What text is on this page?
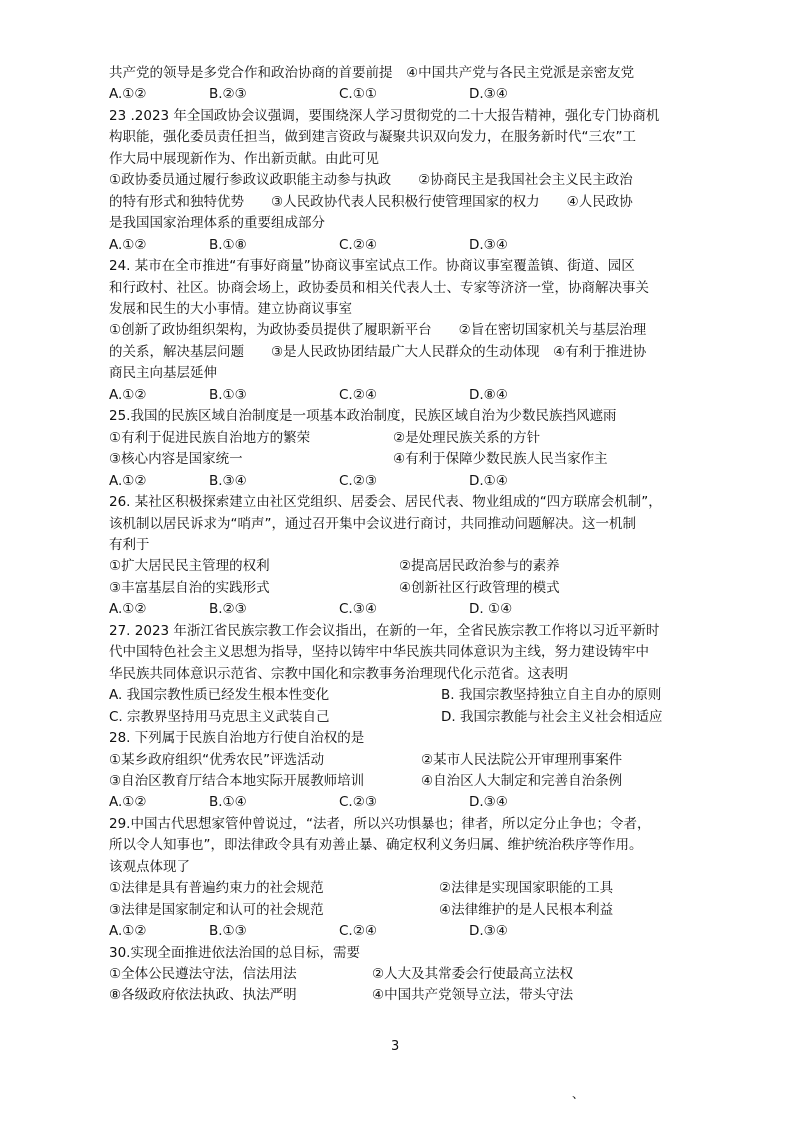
共产党的领导是多党合作和政治协商的首要前提　④中国共产党与各民主党派是亲密友党
A.①②	B.②③	C.①①	D.③④
23 .2023 年全国政协会议强调，要围绕深人学习贯彻党的二十大报告精神，强化专门协商机
构职能，强化委员责任担当，做到建言资政与凝聚共识双向发力，在服务新时代“三农”工
作大局中展现新作为、作出新贡献。由此可见
①政协委员通过履行参政议政职能主动参与执政　　②协商民主是我国社会主义民主政治
的特有形式和独特优势　　③人民政协代表人民积极行使管理国家的权力　　④人民政协
是我国国家治理体系的重要组成部分
A.①②	B.①⑧	C.②④	D.③④
24. 某市在全市推进“有事好商量”协商议事室试点工作。协商议事室覆盖镇、街道、园区
和行政村、社区。协商会场上，政协委员和相关代表人士、专家等济济一堂，协商解决事关
发展和民生的大小事情。建立协商议事室
①创新了政协组织架构，为政协委员提供了履职新平台　　②旨在密切国家机关与基层治理
的关系，解决基层问题　　③是人民政协团结最广大人民群众的生动体现　④有利于推进协
商民主向基层延伸
A.①②	B.①③	C.②④	D.⑧④
25.我国的民族区域自治制度是一项基本政治制度，民族区域自治为少数民族挡风遮雨
①有利于促进民族自治地方的繁荣	②是处理民族关系的方针
③核心内容是国家统一	④有利于保障少数民族人民当家作主
A.①②	B.③④	C.②③	D.①④
26. 某社区积极探索建立由社区党组织、居委会、居民代表、物业组成的“四方联席会机制”，
该机制以居民诉求为“哨声”，通过召开集中会议进行商讨，共同推动问题解决。这一机制
有利于
①扩大居民民主管理的权利	②提高居民政治参与的素养
③丰富基层自治的实践形式	④创新社区行政管理的模式
A.①②	B.②③	C.③④	D. ①④
27. 2023 年浙江省民族宗教工作会议指出，在新的一年，全省民族宗教工作将以习近平新时
代中国特色社会主义思想为指导，坚持以铸牢中华民族共同体意识为主线，努力建设铸牢中
华民族共同体意识示范省、宗教中国化和宗教事务治理现代化示范省。这表明
A. 我国宗教性质已经发生根本性变化	B. 我国宗教坚持独立自主自办的原则
C. 宗教界坚持用马克思主义武装自己	D. 我国宗教能与社会主义社会相适应
28. 下列属于民族自治地方行使自治权的是
①某乡政府组织“优秀农民”评选活动	②某市人民法院公开审理刑事案件
③自治区教育厅结合本地实际开展教师培训	④自治区人大制定和完善自治条例
A.①②	B.①④	C.②③	D.③④
29.中国古代思想家管仲曾说过，“法者，所以兴功惧暴也；律者，所以定分止争也；令者，
所以令人知事也”，即法律政令具有劝善止暴、确定权利义务归属、维护统治秩序等作用。
该观点体现了
①法律是具有普遍约束力的社会规范	②法律是实现国家职能的工具
③法律是国家制定和认可的社会规范	④法律维护的是人民根本利益
A.①②	B.①③	C.②④	D.③④
30.实现全面推进依法治国的总目标，需要
①全体公民遵法守法，信法用法	②人大及其常委会行使最高立法权
⑧各级政府依法执政、执法严明	④中国共产党领导立法，带头守法
3
、
